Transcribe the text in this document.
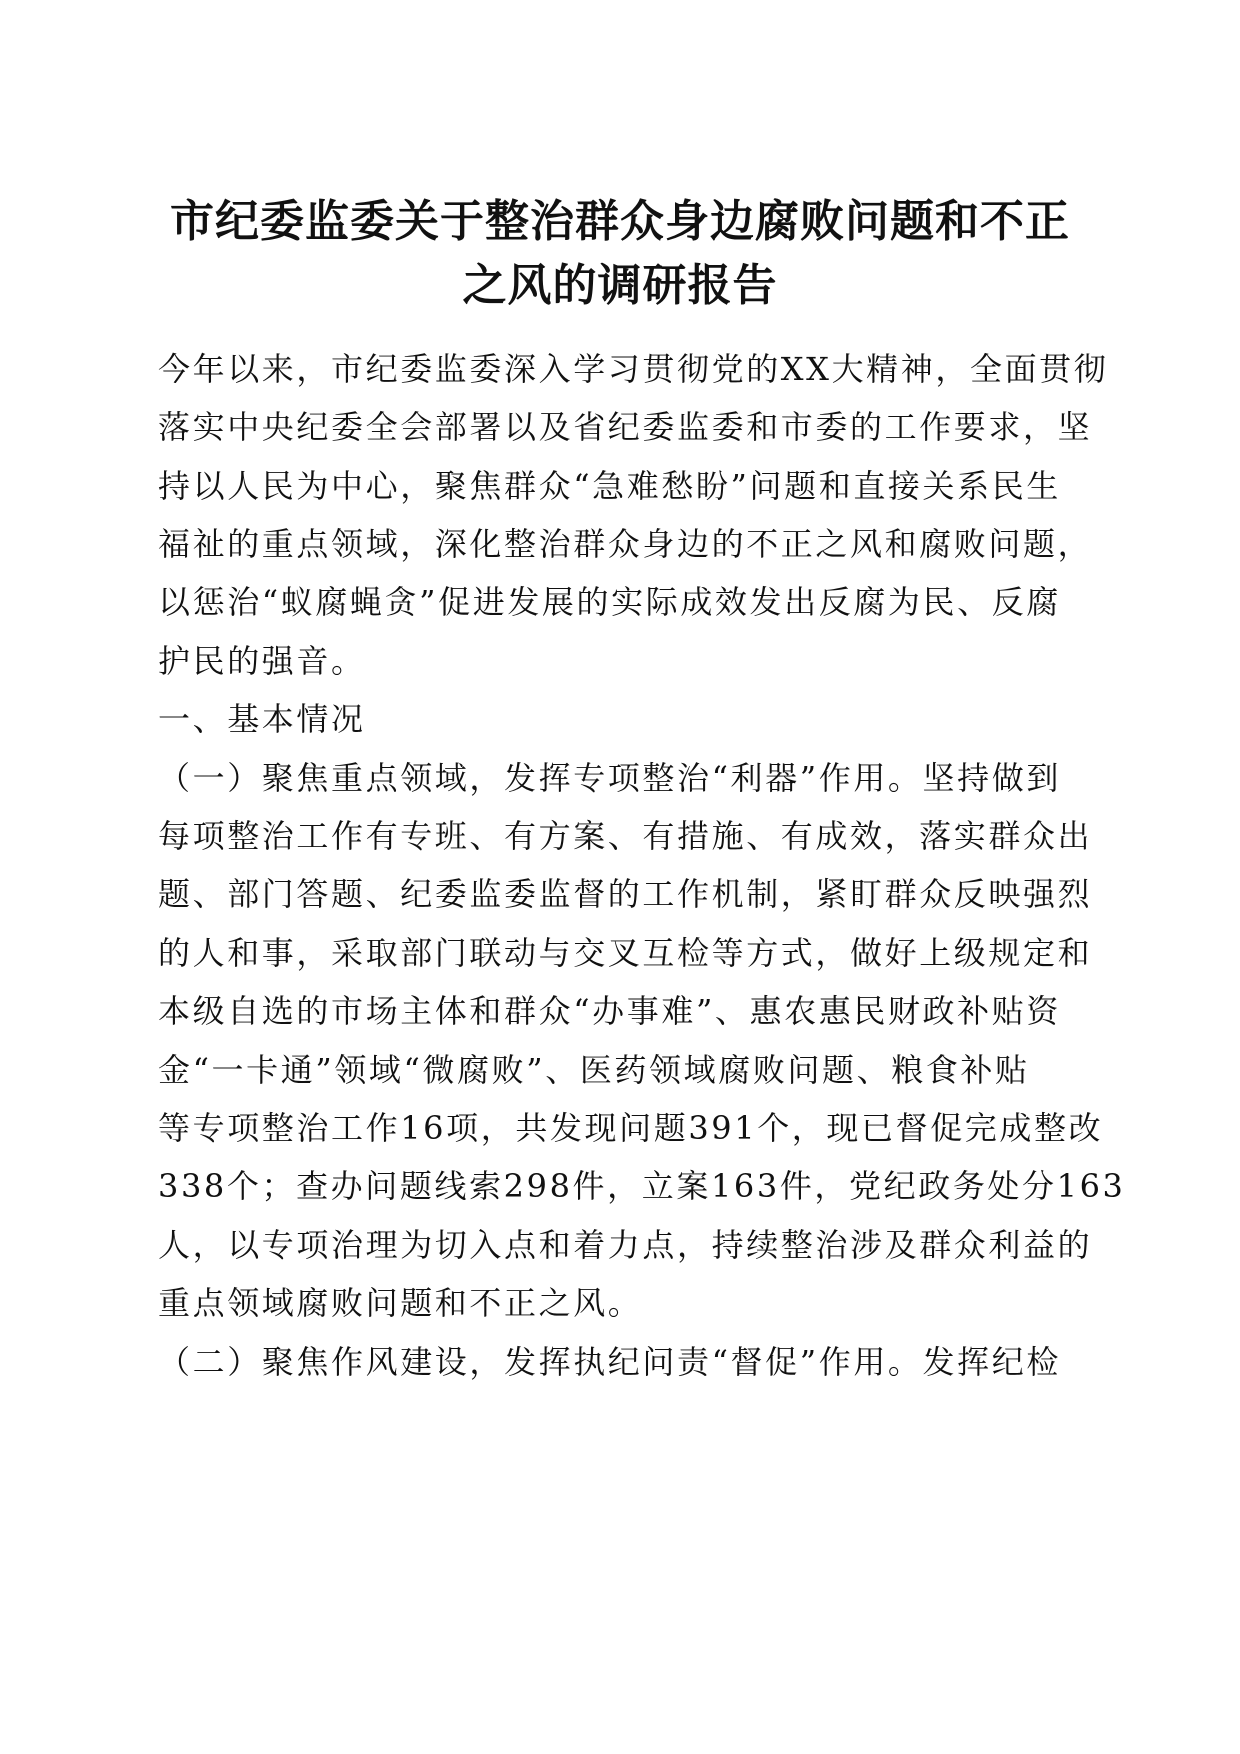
市纪委监委关于整治群众身边腐败问题和不正
之风的调研报告

今年以来，市纪委监委深入学习贯彻党的XX大精神，全面贯彻

落实中央纪委全会部署以及省纪委监委和市委的工作要求，坚

持以人民为中心，聚焦群众“急难愁盼”问题和直接关系民生

福祉的重点领域，深化整治群众身边的不正之风和腐败问题，

以惩治“蚁腐蝇贪”促进发展的实际成效发出反腐为民、反腐

护民的强音。

一、基本情况

（一）聚焦重点领域，发挥专项整治“利器”作用。坚持做到

每项整治工作有专班、有方案、有措施、有成效，落实群众出

题、部门答题、纪委监委监督的工作机制，紧盯群众反映强烈

的人和事，采取部门联动与交叉互检等方式，做好上级规定和

本级自选的市场主体和群众“办事难”、惠农惠民财政补贴资

金“一卡通”领域“微腐败”、医药领域腐败问题、粮食补贴

等专项整治工作16项，共发现问题391个，现已督促完成整改

338个；查办问题线索298件，立案163件，党纪政务处分163

人，以专项治理为切入点和着力点，持续整治涉及群众利益的

重点领域腐败问题和不正之风。

（二）聚焦作风建设，发挥执纪问责“督促”作用。发挥纪检
